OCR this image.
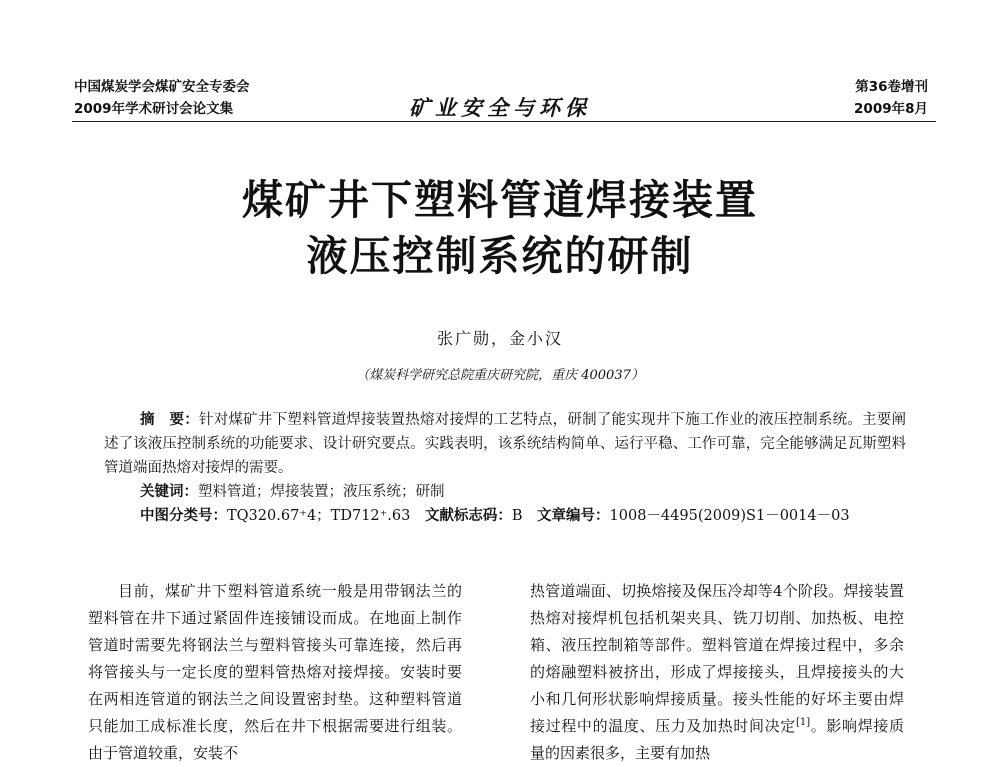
中国煤炭学会煤矿安全专委会
2009年学术研讨会论文集	矿业安全与环保
第36卷增刊
2009年8月
煤矿井下塑料管道焊接装置
液压控制系统的研制
张广勋，金小汉
（煤炭科学研究总院重庆研究院，重庆 400037）

摘　要：针对煤矿井下塑料管道焊接装置热熔对接焊的工艺特点，研制了能实现井下施工作业的液压控制系统。主要阐述了该液压控制系统的功能要求、设计研究要点。实践表明，该系统结构简单、运行平稳、工作可靠，完全能够满足瓦斯塑料管道端面热熔对接焊的需要。

关键词：塑料管道；焊接装置；液压系统；研制

中图分类号：TQ320.67⁺4；TD712⁺.63　 文献标志码：B　 文章编号：1008－4495(2009)S1－0014－03

目前，煤矿井下塑料管道系统一般是用带钢法兰的塑料管在井下通过紧固件连接铺设而成。在地面上制作管道时需要先将钢法兰与塑料管接头可靠连接，然后再将管接头与一定长度的塑料管热熔对接焊接。安装时要在两相连管道的钢法兰之间设置密封垫。这种塑料管道只能加工成标准长度，然后在井下根据需要进行组装。由于管道较重，安装不

热管道端面、切换熔接及保压冷却等4个阶段。焊接装置热熔对接焊机包括机架夹具、铣刀切削、加热板、电控箱、液压控制箱等部件。塑料管道在焊接过程中，多余的熔融塑料被挤出，形成了焊接接头，且焊接接头的大小和几何形状影响焊接质量。接头性能的好坏主要由焊接过程中的温度、压力及加热时间决定[1]。影响焊接质量的因素很多，主要有加热
